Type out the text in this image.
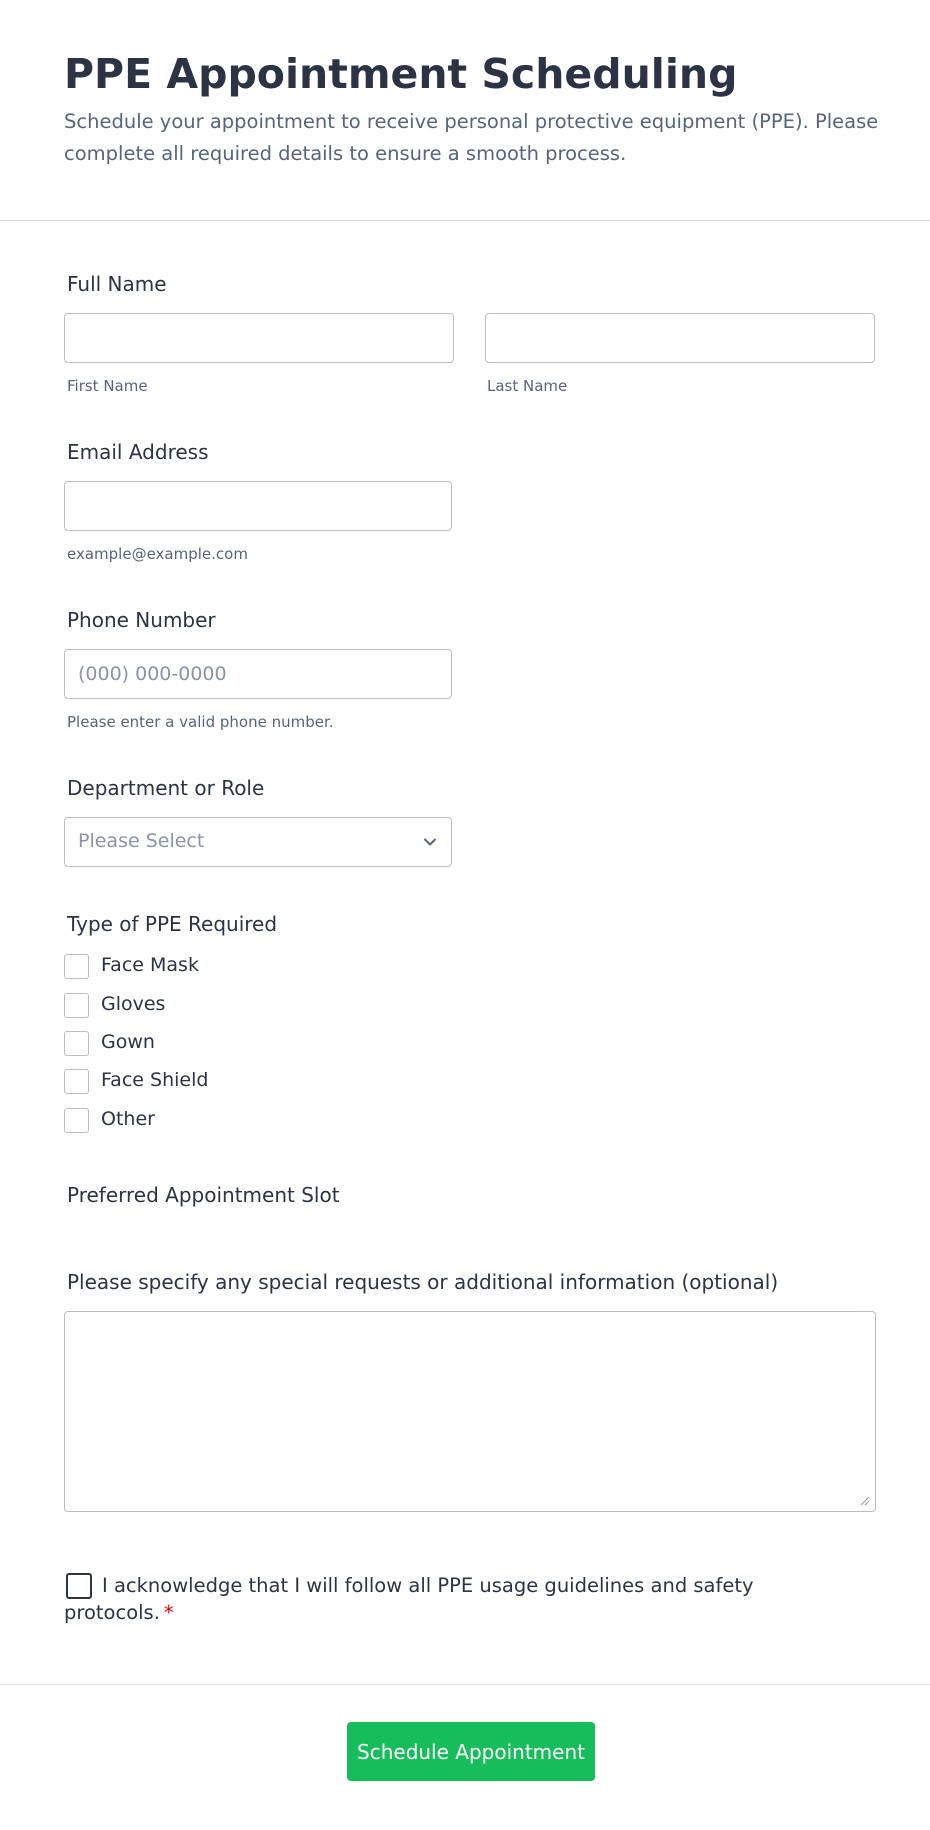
PPE Appointment Scheduling

Schedule your appointment to receive personal protective equipment (PPE). Please complete all required details to ensure a smooth process.

Full Name
First Name	Last Name
Email Address
example@example.com
Phone Number
(000) 000-0000
Please enter a valid phone number.
Department or Role
Please Select
Type of PPE Required
Face Mask
Gloves
Gown
Face Shield
Other
Preferred Appointment Slot
Please specify any special requests or additional information (optional)

I acknowledge that I will follow all PPE usage guidelines and safety protocols. *

Schedule Appointment
